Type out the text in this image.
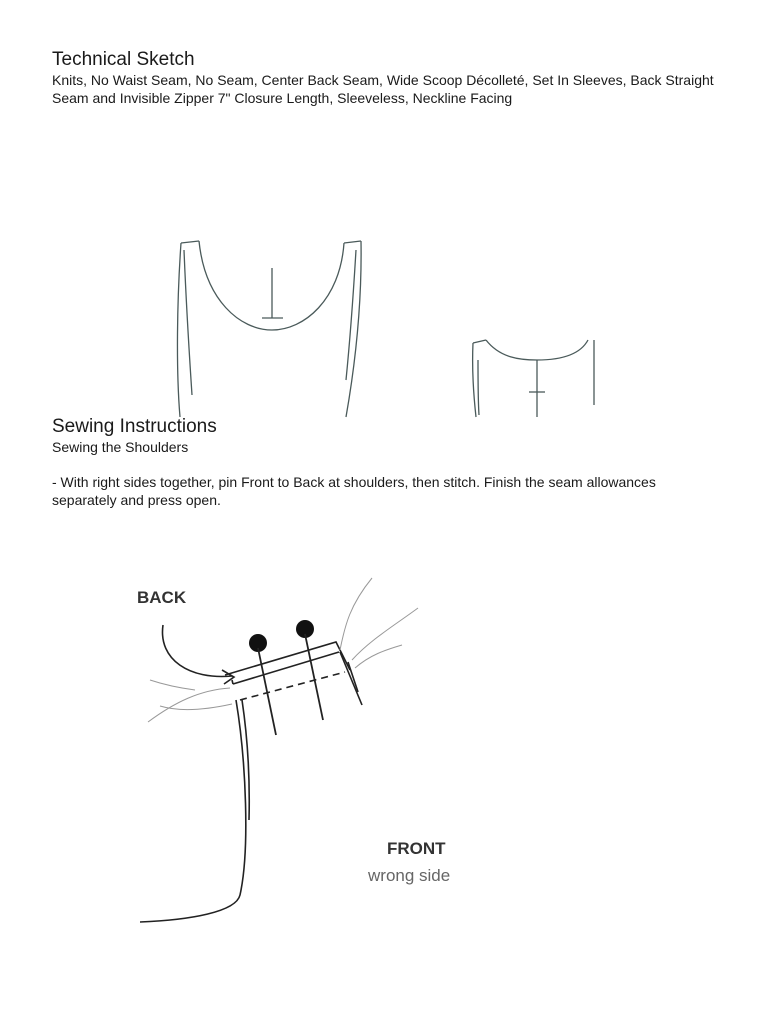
Technical Sketch
Knits, No Waist Seam, No Seam, Center Back Seam, Wide Scoop Décolleté, Set In Sleeves, Back Straight Seam and Invisible Zipper 7" Closure Length, Sleeveless, Neckline Facing
Sewing Instructions
Sewing the Shoulders
- With right sides together, pin Front to Back at shoulders, then stitch. Finish the seam allowances separately and press open.
BACK
FRONT
wrong side
